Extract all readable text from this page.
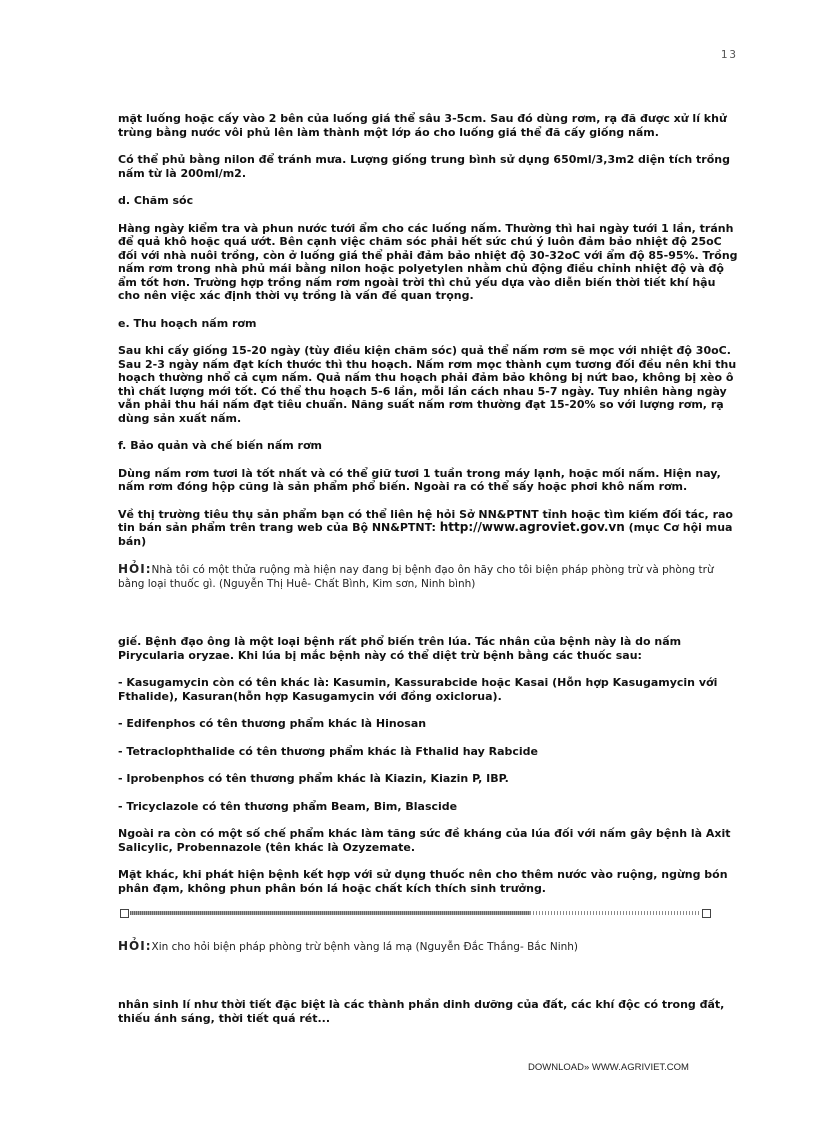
13

mặt luống hoặc cấy vào 2 bên của luống giá thể sâu 3-5cm. Sau đó dùng rơm, rạ đã được xử lí khử trùng bằng nước vôi phủ lên làm thành một lớp áo cho luống giá thể đã cấy giống nấm.

Có thể phủ bằng nilon để tránh mưa. Lượng giống trung bình sử dụng 650ml/3,3m2 diện tích trồng nấm từ là 200ml/m2.

d. Chăm sóc

Hàng ngày kiểm tra và phun nước tưới ẩm cho các luống nấm. Thường thì hai ngày tưới 1 lần, tránh để quả khô hoặc quá ướt. Bên cạnh việc chăm sóc phải hết sức chú ý luôn đảm bảo nhiệt độ 25oC đối với nhà nuôi trồng, còn ở luống giá thể phải đảm bảo nhiệt độ 30-32oC với ẩm độ 85-95%. Trồng nấm rơm trong nhà phủ mái bằng nilon hoặc polyetylen nhằm chủ động điều chỉnh nhiệt độ và độ ẩm tốt hơn. Trường hợp trồng nấm rơm ngoài trời thì chủ yếu dựa vào diễn biến thời tiết khí hậu cho nên việc xác định thời vụ trồng là vấn đề quan trọng.

e. Thu hoạch nấm rơm

Sau khi cấy giống 15-20 ngày (tùy điều kiện chăm sóc) quả thể nấm rơm sẽ mọc với nhiệt độ 30oC. Sau 2-3 ngày nấm đạt kích thước thì thu hoạch. Nấm rơm mọc thành cụm tương đối đều nên khi thu hoạch thường nhổ cả cụm nấm. Quả nấm thu hoạch phải đảm bảo không bị nứt bao, không bị xèo ô thì chất lượng mới tốt. Có thể thu hoạch 5-6 lần, mỗi lần cách nhau 5-7 ngày. Tuy nhiên hàng ngày vẫn phải thu hái nấm đạt tiêu chuẩn. Năng suất nấm rơm thường đạt 15-20% so với lượng rơm, rạ dùng sản xuất nấm.

f. Bảo quản và chế biến nấm rơm

Dùng nấm rơm tươi là tốt nhất và có thể giữ tươi 1 tuần trong máy lạnh, hoặc mối nấm. Hiện nay, nấm rơm đóng hộp cũng là sản phẩm phổ biến. Ngoài ra có thể sấy hoặc phơi khô nấm rơm.

Về thị trường tiêu thụ sản phẩm bạn có thể liên hệ hỏi Sở NN&PTNT tỉnh hoặc tìm kiếm đối tác, rao tin bán sản phẩm trên trang web của Bộ NN&PTNT: http://www.agroviet.gov.vn (mục Cơ hội mua bán)

HỎI:Nhà tôi có một thửa ruộng mà hiện nay đang bị bệnh đạo ôn hãy cho tôi biện pháp phòng trừ và phòng trừ bằng loại thuốc gì. (Nguyễn Thị Huê- Chất Bình, Kim sơn, Ninh bình)

giế. Bệnh đạo ông là một loại bệnh rất phổ biến trên lúa. Tác nhân của bệnh này là do nấm Pirycularia oryzae. Khi lúa bị mắc bệnh này có thể diệt trừ bệnh bằng các thuốc sau:

- Kasugamycin còn có tên khác là: Kasumin, Kassurabcide hoặc Kasai (Hỗn hợp Kasugamycin với Fthalide), Kasuran(hỗn hợp Kasugamycin với đồng oxiclorua).

- Edifenphos có tên thương phẩm khác là Hinosan

- Tetraclophthalide có tên thương phẩm khác là Fthalid hay Rabcide

- Iprobenphos có tên thương phẩm khác là Kiazin, Kiazin P, IBP.

- Tricyclazole có tên thương phẩm Beam, Bim, Blascide

Ngoài ra còn có một số chế phẩm khác làm tăng sức đề kháng của lúa đối với nấm gây bệnh là Axit Salicylic, Probennazole (tên khác là Ozyzemate.

Mặt khác, khi phát hiện bệnh kết hợp với sử dụng thuốc nên cho thêm nước vào ruộng, ngừng bón phân đạm, không phun phân bón lá hoặc chất kích thích sinh trưởng.

HỎI:Xin cho hỏi biện pháp phòng trừ bệnh vàng lá mạ (Nguyễn Đắc Thắng- Bắc Ninh)

nhân sinh lí như thời tiết đặc biệt là các thành phần dinh dưỡng của đất, các khí độc có trong đất, thiếu ánh sáng, thời tiết quá rét...

DOWNLOAD» WWW.AGRIVIET.COM
